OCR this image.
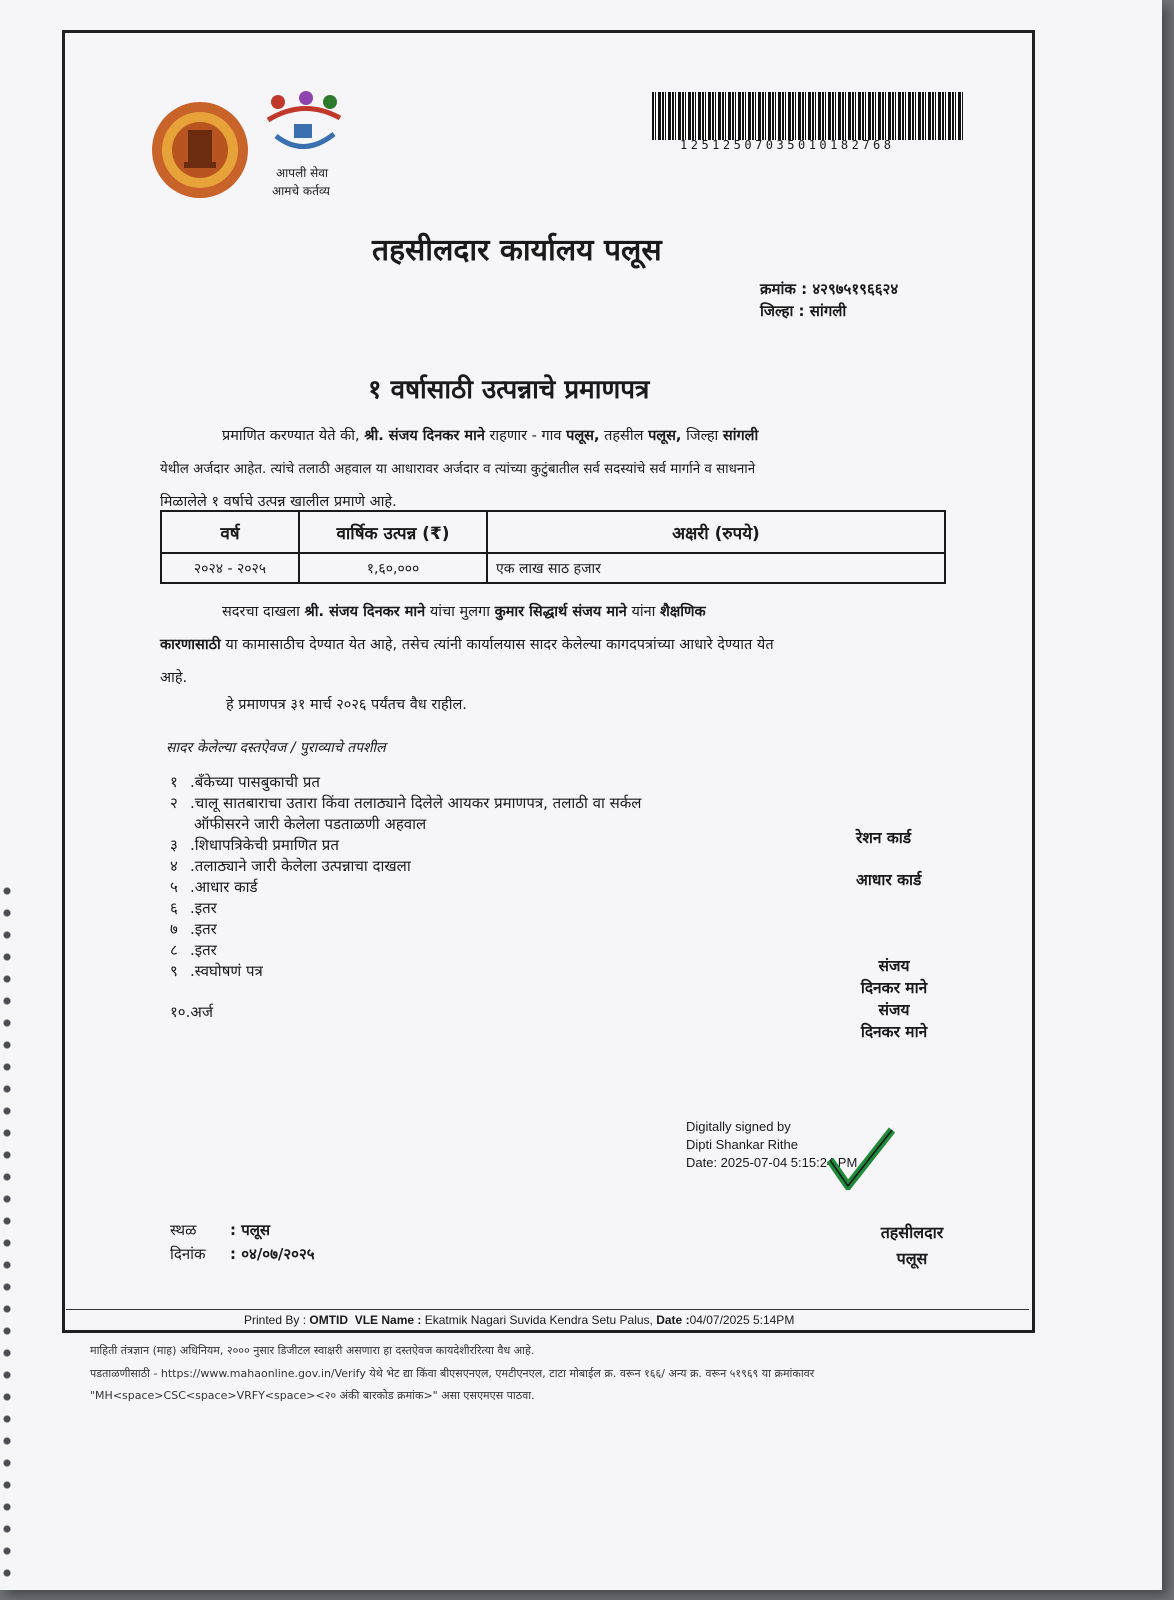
आपली सेवा
आमचे कर्तव्य
12512507035010182768
तहसीलदार कार्यालय पलूस
क्रमांक : ४२९७५१९६६२४
जिल्हा : सांगली
१ वर्षासाठी उत्पन्नाचे प्रमाणपत्र
प्रमाणित करण्यात येते की, श्री. संजय दिनकर माने राहणार - गाव पलूस, तहसील पलूस, जिल्हा सांगली
येथील अर्जदार आहेत. त्यांचे तलाठी अहवाल या आधारावर अर्जदार व त्यांच्या कुटुंबातील सर्व सदस्यांचे सर्व मार्गाने व साधनाने
मिळालेले १ वर्षाचे उत्पन्न खालील प्रमाणे आहे.
वर्ष	वार्षिक उत्पन्न (₹)	अक्षरी (रुपये)
२०२४ - २०२५	१,६०,०००	एक लाख साठ हजार
सदरचा दाखला श्री. संजय दिनकर माने यांचा मुलगा कुमार सिद्धार्थ संजय माने यांना शैक्षणिक
कारणासाठी या कामासाठीच देण्यात येत आहे, तसेच त्यांनी कार्यालयास सादर केलेल्या कागदपत्रांच्या आधारे देण्यात येत
आहे.
हे प्रमाणपत्र ३१ मार्च २०२६ पर्यंतच वैध राहील.
सादर केलेल्या दस्तऐवज / पुराव्याचे तपशील
१ .बँकेच्या पासबुकाची प्रत
२ .चालू सातबाराचा उतारा किंवा तलाठ्याने दिलेले आयकर प्रमाणपत्र, तलाठी वा सर्कल
ऑफीसरने जारी केलेला पडताळणी अहवाल
३ .शिधापत्रिकेची प्रमाणित प्रत
४ .तलाठ्याने जारी केलेला उत्पन्नाचा दाखला
५ .आधार कार्ड
६ .इतर
७ .इतर
८ .इतर
९ .स्वघोषणं पत्र
१० .अर्ज
रेशन कार्ड
आधार कार्ड
संजय
दिनकर माने
संजय
दिनकर माने
Digitally signed by
Dipti Shankar Rithe
Date: 2025-07-04 5:15:24 PM
स्थळ : पलूस
दिनांक : ०४/०७/२०२५
तहसीलदार
पलूस
Printed By : OMTID VLE Name : Ekatmik Nagari Suvida Kendra Setu Palus, Date :04/07/2025 5:14PM
माहिती तंत्रज्ञान (माह) अधिनियम, २००० नुसार डिजीटल स्वाक्षरी असणारा हा दस्तऐवज कायदेशीररित्या वैध आहे.
पडताळणीसाठी - https://www.mahaonline.gov.in/Verify येथे भेट द्या किंवा बीएसएनएल, एमटीएनएल, टाटा मोबाईल क्र. वरून १६६/ अन्य क्र. वरून ५१९६९ या क्रमांकावर
"MH<space>CSC<space>VRFY<space><२० अंकी बारकोड क्रमांक>" असा एसएमएस पाठवा.
